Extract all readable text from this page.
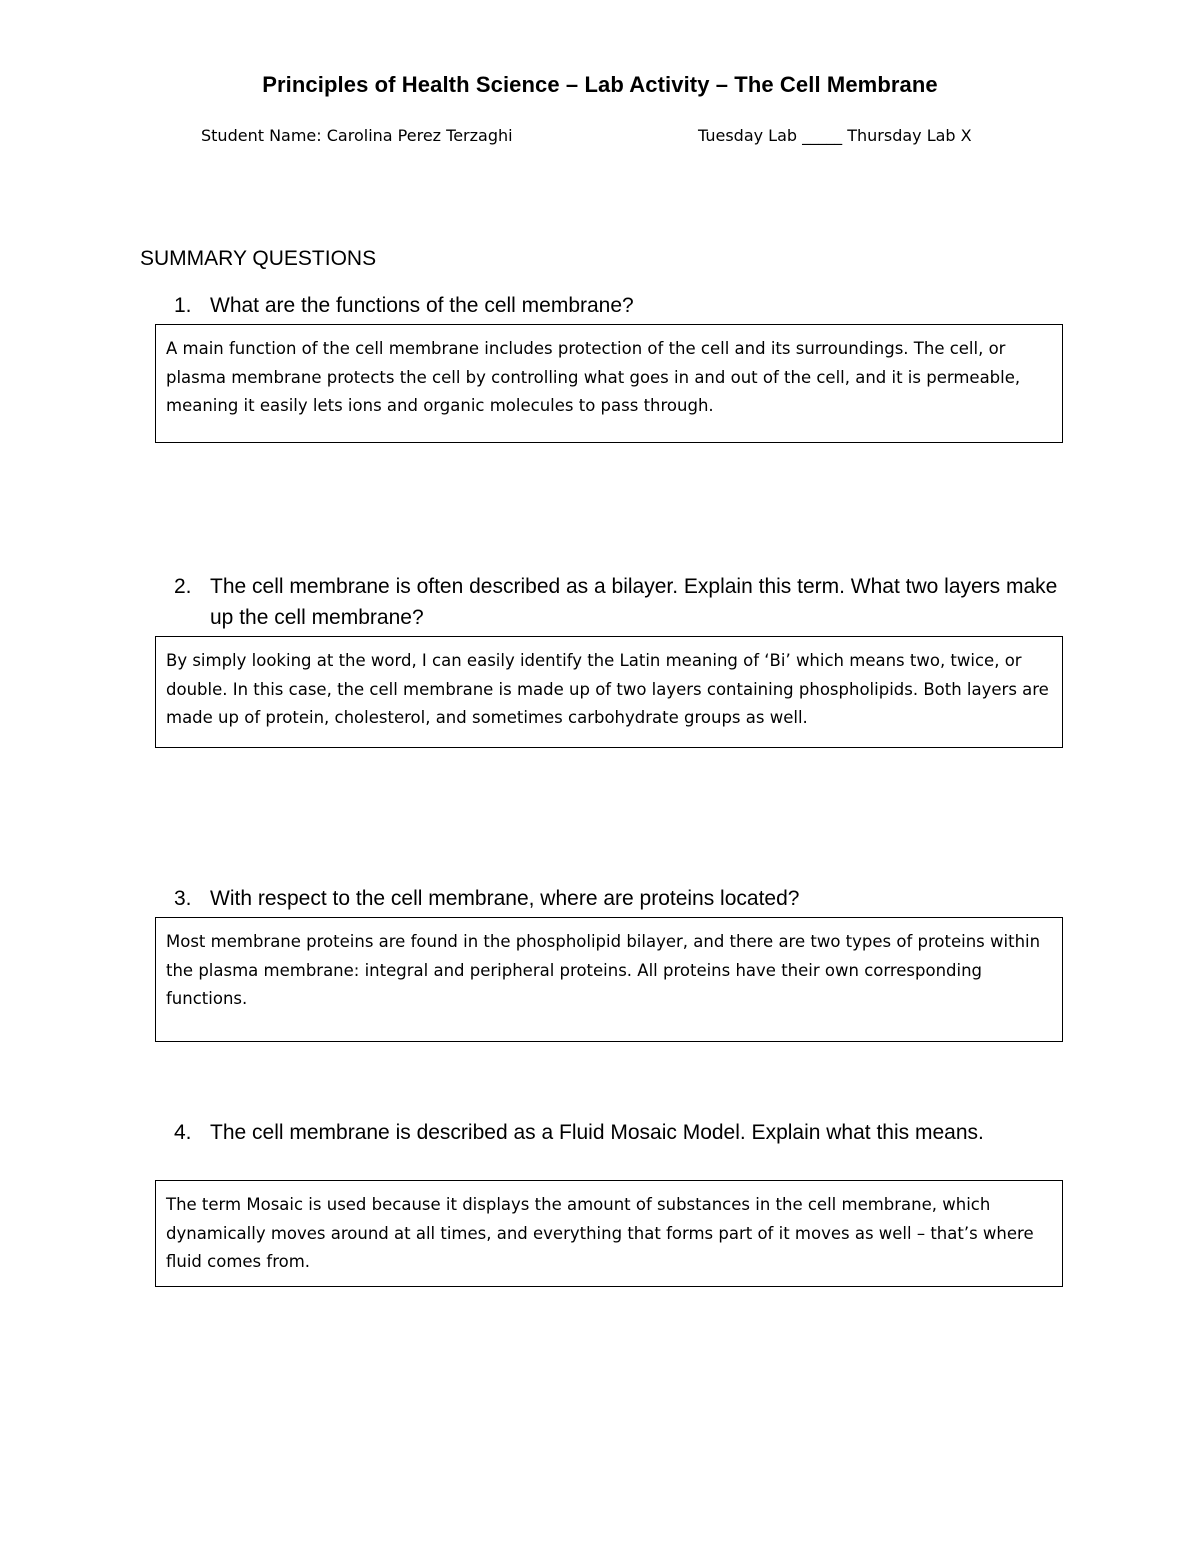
Principles of Health Science – Lab Activity – The Cell Membrane
Student Name: Carolina Perez Terzaghi	Tuesday Lab _____ Thursday Lab X
SUMMARY QUESTIONS
1. What are the functions of the cell membrane?
A main function of the cell membrane includes protection of the cell and its surroundings. The cell, or plasma membrane protects the cell by controlling what goes in and out of the cell, and it is permeable, meaning it easily lets ions and organic molecules to pass through.
2. The cell membrane is often described as a bilayer. Explain this term. What two layers make up the cell membrane?
By simply looking at the word, I can easily identify the Latin meaning of ‘Bi’ which means two, twice, or double. In this case, the cell membrane is made up of two layers containing phospholipids. Both layers are made up of protein, cholesterol, and sometimes carbohydrate groups as well.
3. With respect to the cell membrane, where are proteins located?
Most membrane proteins are found in the phospholipid bilayer, and there are two types of proteins within the plasma membrane: integral and peripheral proteins. All proteins have their own corresponding functions.
4. The cell membrane is described as a Fluid Mosaic Model. Explain what this means.
The term Mosaic is used because it displays the amount of substances in the cell membrane, which dynamically moves around at all times, and everything that forms part of it moves as well – that’s where fluid comes from.
